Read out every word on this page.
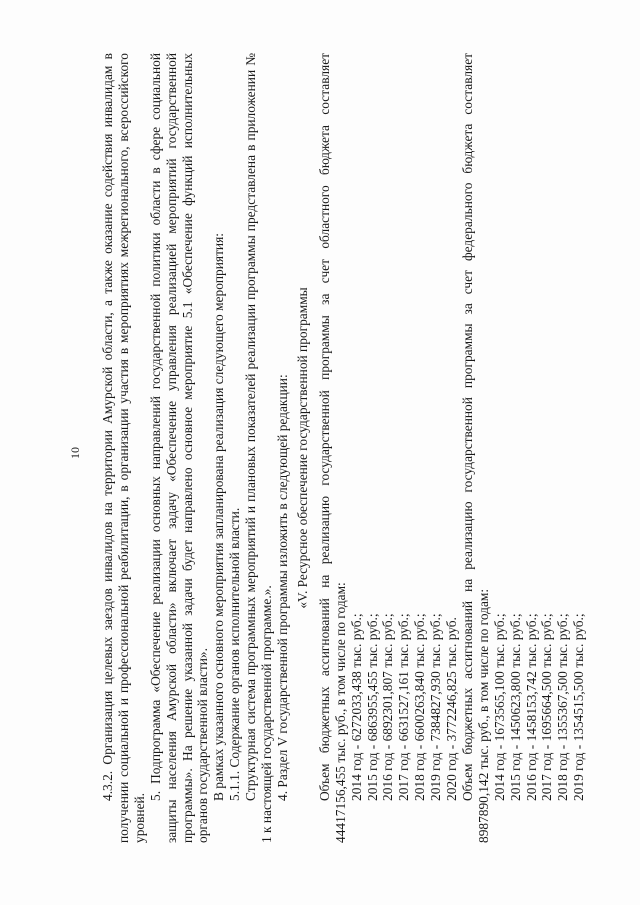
10 4.3.2. Организация целевых заездов инвалидов на территории Амурской области, а также оказание содействия инвалидам в получении социальной и профессиональной реабилитации, в организации участия в мероприятиях межрегионального, всероссийского уровней.

5. Подпрограмма «Обеспечение реализации основных направлений государственной политики области в сфере социальной защиты населения Амурской области» включает задачу «Обеспечение управления реализацией мероприятий государственной программы». На решение указанной задачи будет направлено основное мероприятие 5.1 «Обеспечение функций исполнительных органов государственной власти». В рамках указанного основного мероприятия запланирована реализация следующего мероприятия: 5.1.1. Содержание органов исполнительной власти. Структурная система программных мероприятий и плановых показателей реализации программы представлена в приложении № 1 к настоящей государственной программе.». 4. Раздел V государственной программы изложить в следующей редакции: «V. Ресурсное обеспечение государственной программы Объем бюджетных ассигнований на реализацию государственной программы за счет областного бюджета составляет 44417156,455 тыс. руб., в том числе по годам: 2014 год - 6272033,438 тыс. руб.; 2015 год - 6863955,455 тыс. руб.; 2016 год - 6892301,807 тыс. руб.; 2017 год - 6631527,161 тыс. руб.; 2018 год - 6600263,840 тыс. руб.; 2019 год - 7384827,930 тыс. руб.; 2020 год - 3772246,825 тыс. руб. Объем бюджетных ассигнований на реализацию государственной программы за счет федерального бюджета составляет 8987890,142 тыс. руб., в том числе по годам: 2014 год - 1673565,100 тыс. руб.; 2015 год - 1450623,800 тыс. руб.; 2016 год - 1458153,742 тыс. руб.; 2017 год - 1695664,500 тыс. руб.; 2018 год - 1355367,500 тыс. руб.; 2019 год - 1354515,500 тыс. руб.;
